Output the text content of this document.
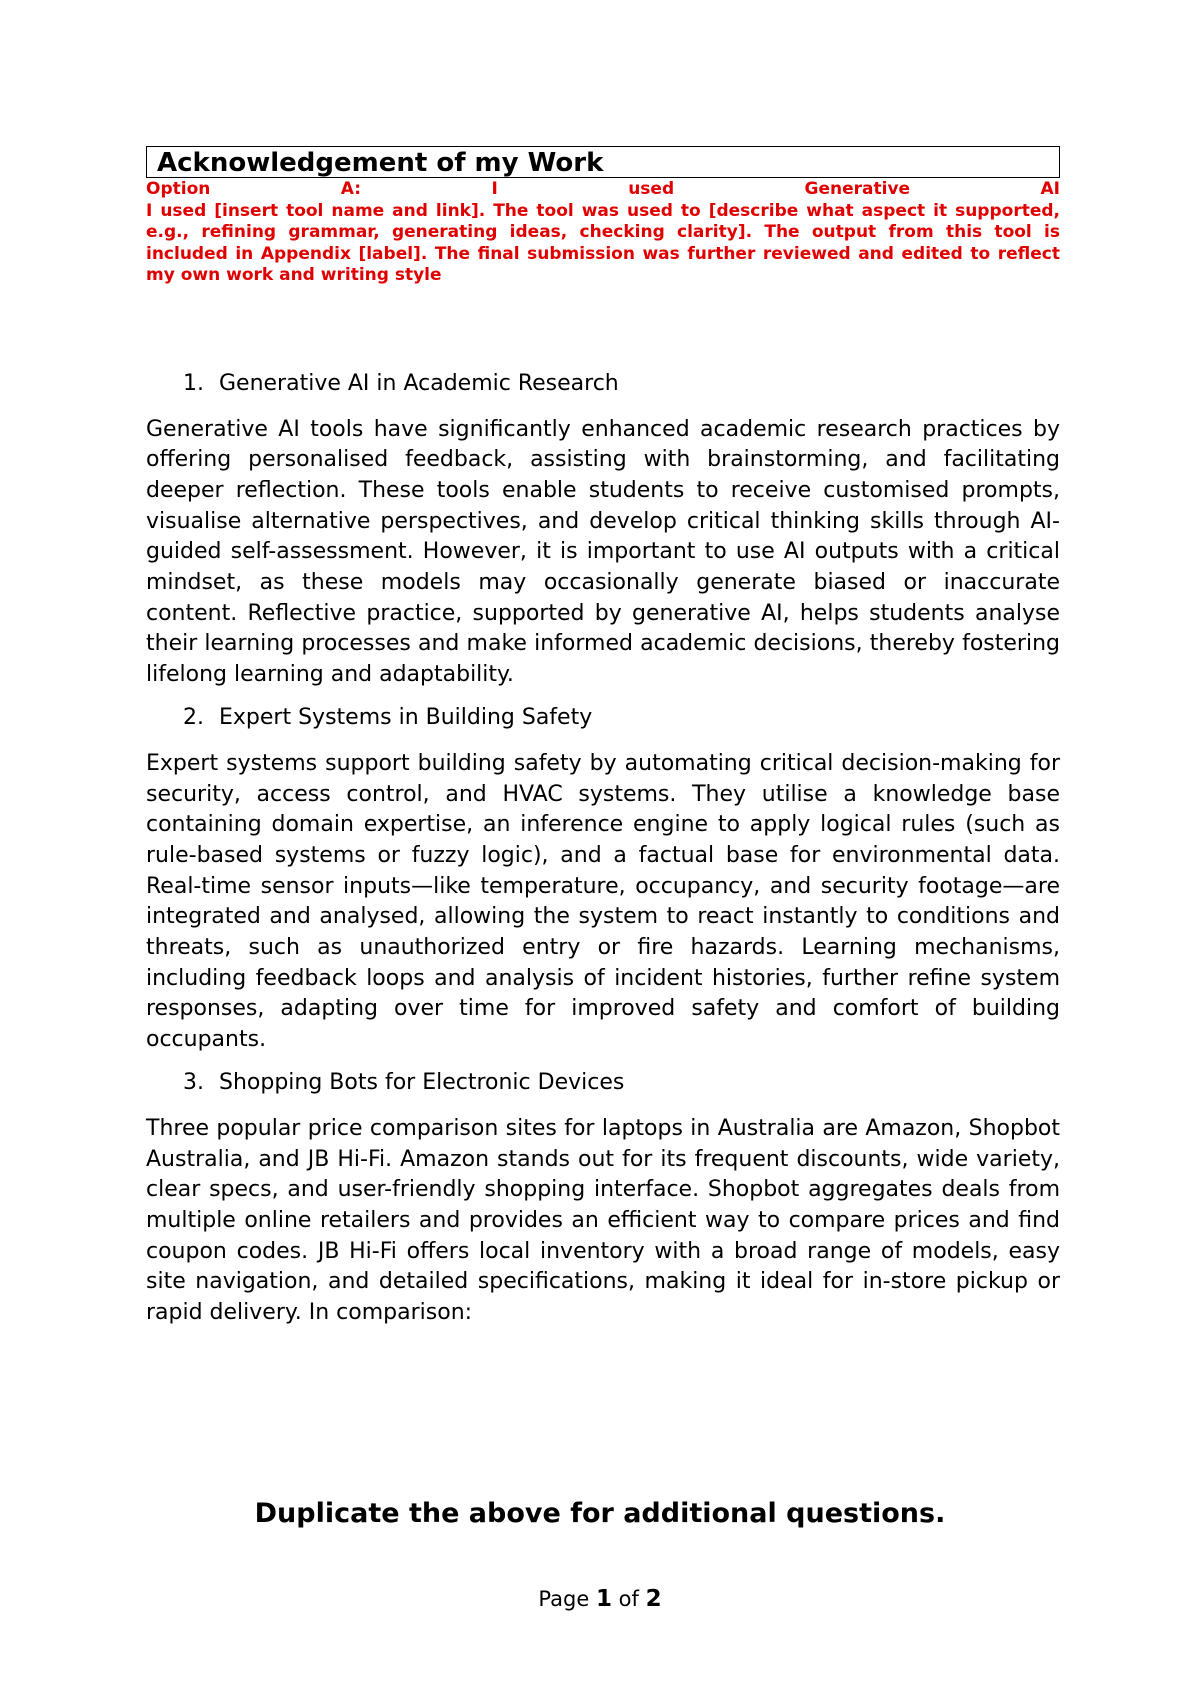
Acknowledgement of my Work

Option	A:	I	used	Generative	AI
I used [insert tool name and link]. The tool was used to [describe what aspect it supported, e.g., refining grammar, generating ideas, checking clarity]. The output from this tool is included in Appendix [label]. The final submission was further reviewed and edited to reflect my own work and writing style

1. Generative AI in Academic Research

Generative AI tools have significantly enhanced academic research practices by offering personalised feedback, assisting with brainstorming, and facilitating deeper reflection. These tools enable students to receive customised prompts, visualise alternative perspectives, and develop critical thinking skills through AI-guided self-assessment. However, it is important to use AI outputs with a critical mindset, as these models may occasionally generate biased or inaccurate content. Reflective practice, supported by generative AI, helps students analyse their learning processes and make informed academic decisions, thereby fostering lifelong learning and adaptability.

2. Expert Systems in Building Safety

Expert systems support building safety by automating critical decision-making for security, access control, and HVAC systems. They utilise a knowledge base containing domain expertise, an inference engine to apply logical rules (such as rule-based systems or fuzzy logic), and a factual base for environmental data. Real-time sensor inputs—like temperature, occupancy, and security footage—are integrated and analysed, allowing the system to react instantly to conditions and threats, such as unauthorized entry or fire hazards. Learning mechanisms, including feedback loops and analysis of incident histories, further refine system responses, adapting over time for improved safety and comfort of building occupants.

3. Shopping Bots for Electronic Devices

Three popular price comparison sites for laptops in Australia are Amazon, Shopbot Australia, and JB Hi-Fi. Amazon stands out for its frequent discounts, wide variety, clear specs, and user-friendly shopping interface. Shopbot aggregates deals from multiple online retailers and provides an efficient way to compare prices and find coupon codes. JB Hi-Fi offers local inventory with a broad range of models, easy site navigation, and detailed specifications, making it ideal for in-store pickup or rapid delivery. In comparison:

Duplicate the above for additional questions.
Page 1 of 2
